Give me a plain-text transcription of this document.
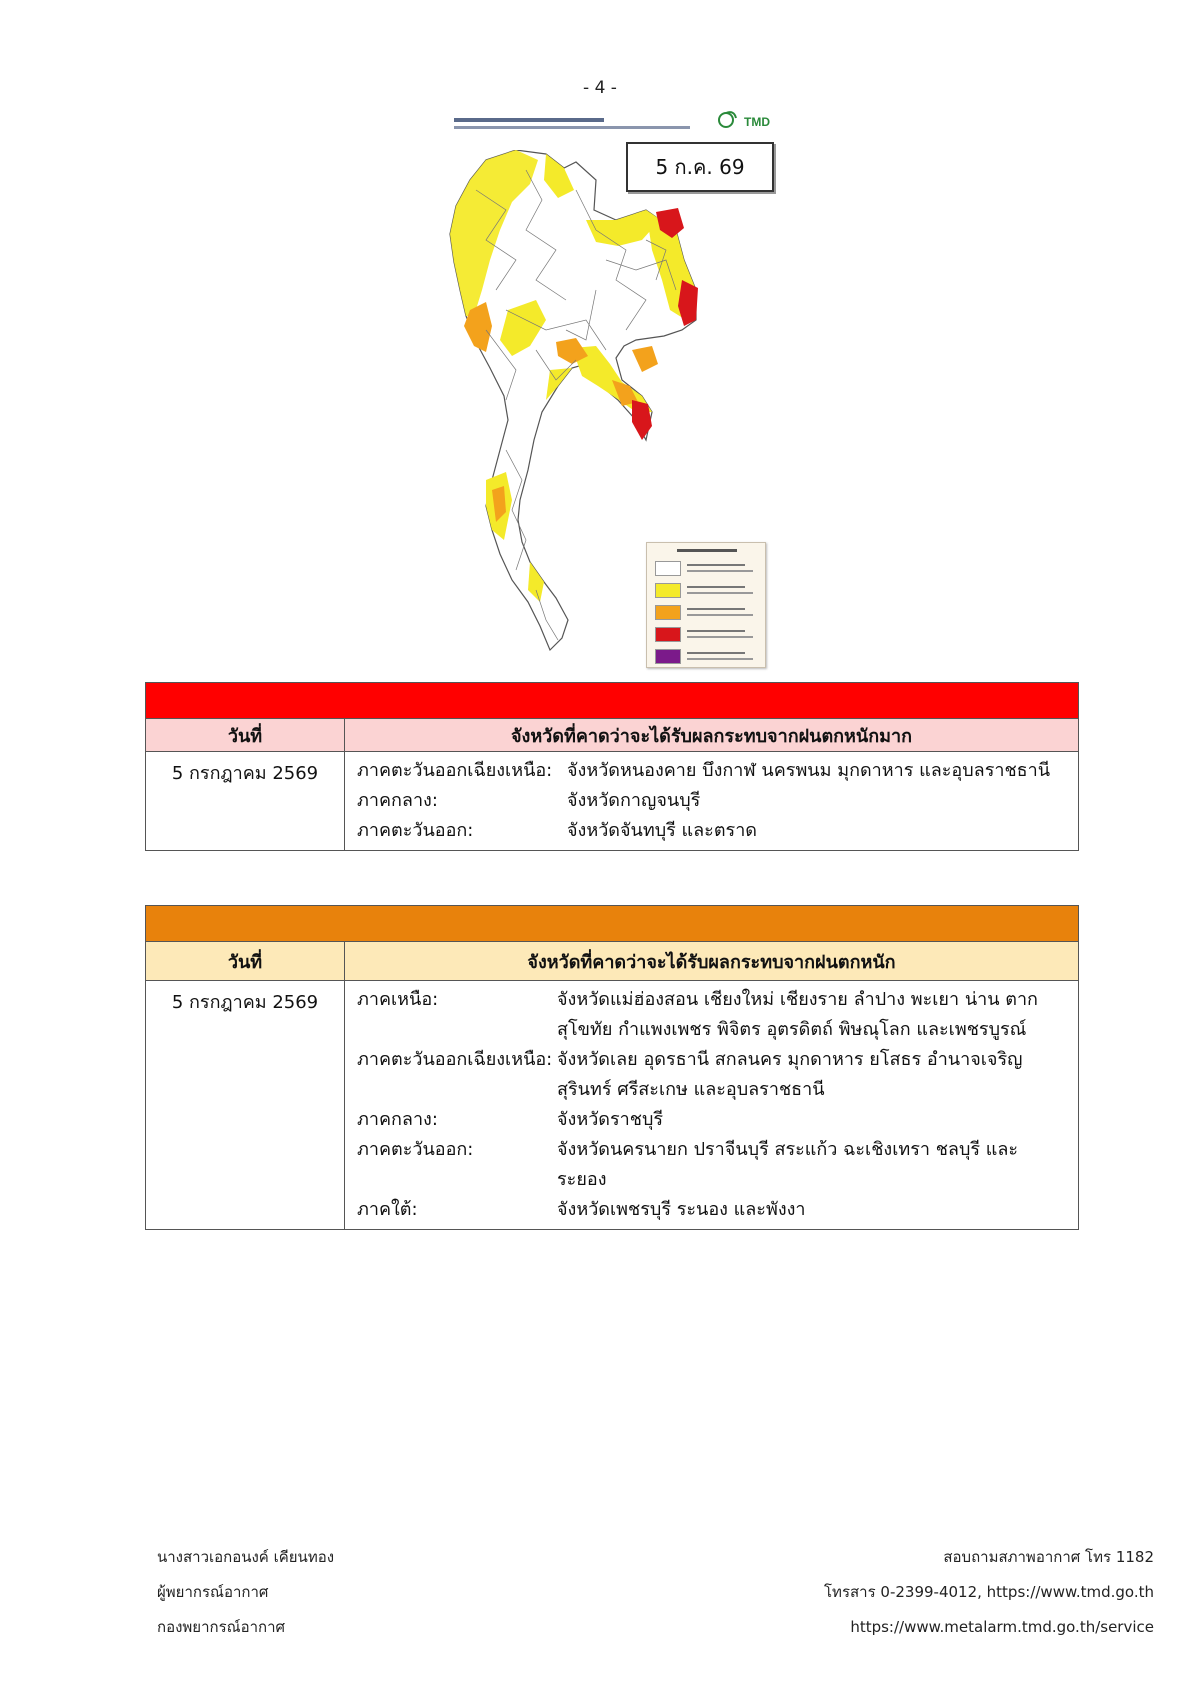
- 4 -
TMD
5 ก.ค. 69
วันที่	จังหวัดที่คาดว่าจะได้รับผลกระทบจากฝนตกหนักมาก
5 กรกฎาคม 2569	ภาคตะวันออกเฉียงเหนือ: จังหวัดหนองคาย บึงกาฬ นครพนม มุกดาหาร และอุบลราชธานี
ภาคกลาง:	จังหวัดกาญจนบุรี
ภาคตะวันออก:	จังหวัดจันทบุรี และตราด
วันที่	จังหวัดที่คาดว่าจะได้รับผลกระทบจากฝนตกหนัก
5 กรกฎาคม 2569	ภาคเหนือ:	จังหวัดแม่ฮ่องสอน เชียงใหม่ เชียงราย ลำปาง พะเยา น่าน ตาก สุโขทัย กำแพงเพชร พิจิตร อุตรดิตถ์ พิษณุโลก และเพชรบูรณ์
ภาคตะวันออกเฉียงเหนือ: จังหวัดเลย อุดรธานี สกลนคร มุกดาหาร ยโสธร อำนาจเจริญ สุรินทร์ ศรีสะเกษ และอุบลราชธานี
ภาคกลาง:	จังหวัดราชบุรี
ภาคตะวันออก:	จังหวัดนครนายก ปราจีนบุรี สระแก้ว ฉะเชิงเทรา ชลบุรี และระยอง
ภาคใต้:	จังหวัดเพชรบุรี ระนอง และพังงา
นางสาวเอกอนงค์ เคียนทอง
ผู้พยากรณ์อากาศ
กองพยากรณ์อากาศ
สอบถามสภาพอากาศ โทร 1182
โทรสาร 0-2399-4012, https://www.tmd.go.th
https://www.metalarm.tmd.go.th/service
